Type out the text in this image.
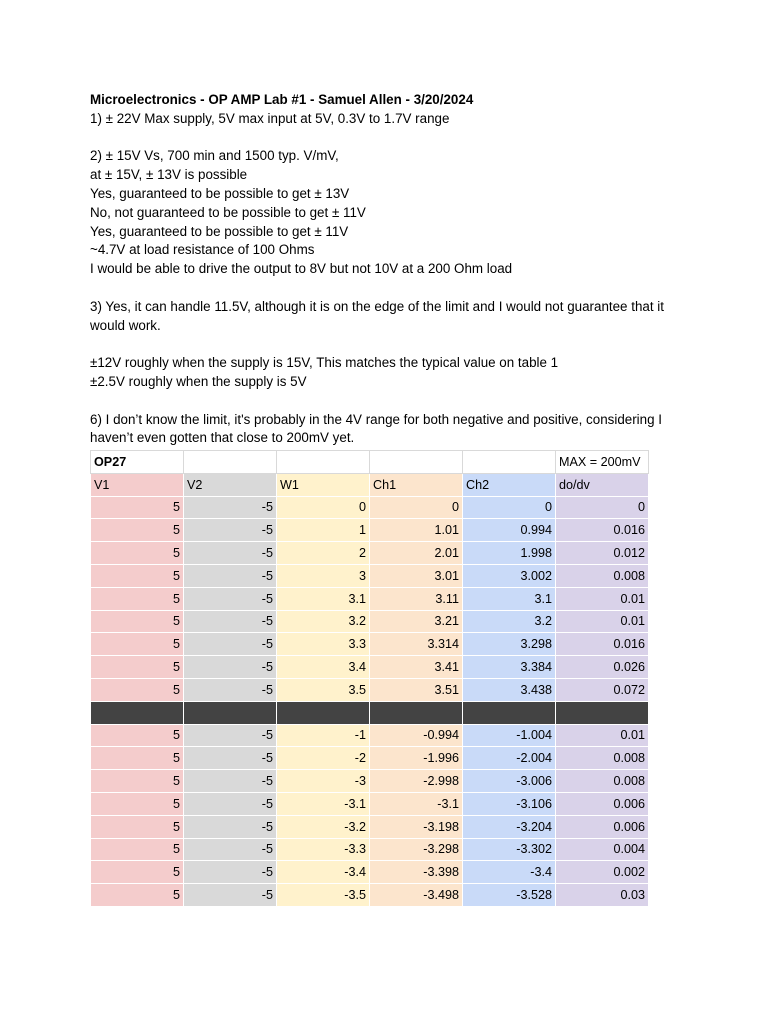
Microelectronics - OP AMP Lab #1 - Samuel Allen - 3/20/2024

1) ± 22V Max supply, 5V max input at 5V, 0.3V to 1.7V range

2) ± 15V Vs, 700 min and 1500 typ. V/mV,

at ± 15V, ± 13V is possible

Yes, guaranteed to be possible to get ± 13V

No, not guaranteed to be possible to get ± 11V

Yes, guaranteed to be possible to get ± 11V

~4.7V at load resistance of 100 Ohms

I would be able to drive the output to 8V but not 10V at a 200 Ohm load

3) Yes, it can handle 11.5V, although it is on the edge of the limit and I would not guarantee that it would work.

±12V roughly when the supply is 15V, This matches the typical value on table 1

±2.5V roughly when the supply is 5V

6) I don’t know the limit, it's probably in the 4V range for both negative and positive, considering I haven’t even gotten that close to 200mV yet.

OP27					MAX = 200mV
V1	V2	W1	Ch1	Ch2	do/dv
5	-5	0	0	0	0
5	-5	1	1.01	0.994	0.016
5	-5	2	2.01	1.998	0.012
5	-5	3	3.01	3.002	0.008
5	-5	3.1	3.11	3.1	0.01
5	-5	3.2	3.21	3.2	0.01
5	-5	3.3	3.314	3.298	0.016
5	-5	3.4	3.41	3.384	0.026
5	-5	3.5	3.51	3.438	0.072

5	-5	-1	-0.994	-1.004	0.01
5	-5	-2	-1.996	-2.004	0.008
5	-5	-3	-2.998	-3.006	0.008
5	-5	-3.1	-3.1	-3.106	0.006
5	-5	-3.2	-3.198	-3.204	0.006
5	-5	-3.3	-3.298	-3.302	0.004
5	-5	-3.4	-3.398	-3.4	0.002
5	-5	-3.5	-3.498	-3.528	0.03
